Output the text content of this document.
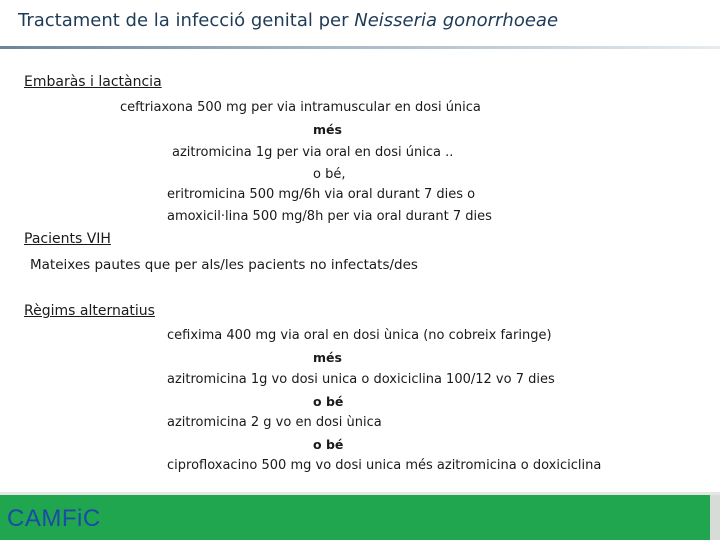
Tractament de la infecció genital per Neisseria gonorrhoeae
Embaràs i lactància
ceftriaxona 500 mg per via intramuscular en dosi única
més
azitromicina 1g per via oral en dosi única ..
o bé,
eritromicina 500 mg/6h via oral durant 7 dies o
amoxicil·lina 500 mg/8h per via oral durant 7 dies
Pacients VIH
Mateixes pautes que per als/les pacients no infectats/des
Règims alternatius
cefixima 400 mg via oral en dosi ùnica (no cobreix faringe)
més
azitromicina 1g vo dosi unica o doxiciclina 100/12 vo 7 dies
o bé
azitromicina 2 g vo en dosi ùnica
o bé
ciprofloxacino 500 mg vo dosi unica més azitromicina o doxiciclina
CAMFiC
